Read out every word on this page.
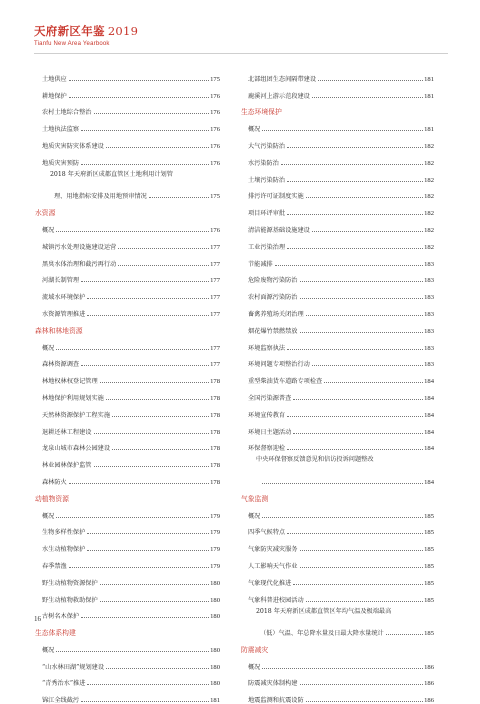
天府新区年鉴 2019
Tianfu New Area Yearbook
土地供应	175
耕地保护	176
农村土地综合整治	176
土地执法监察	176
地质灾害防灾体系建设	176
地质灾害预防	176
2018 年天府新区成都直管区土地利用计划管
理、用地指标安排及用地预审情况	175
水资源
概况	176
城镇污水处理设施建设运营	177
黑臭水体治理和截污再行动	177
河湖长制管理	177
流域水环境保护	177
水资源管理推进	177
森林和林地资源
概况	177
森林资源调查	177
林地权林权登记管理	178
林地保护利用规划实施	178
天然林资源保护工程实施	178
退耕还林工程建设	178
龙泉山城市森林公园建设	178
林业园林保护监管	178
森林防火	178
动植物资源
概况	179
生物多样性保护	179
水生动植物保护	179
春季禁渔	179
野生动植物资源保护	180
野生动植物救助保护	180
古树名木保护	180
生态体系构建
概况	180
“山水林田湖”规划建设	180
“青秀治水”推进	180
锦江全线截污	181
北部组团生态间隔带建设	181
鹿溪河上游示范段建设	181
生态环境保护
概况	181
大气污染防治	182
水污染防治	182
土壤污染防治	182
排污许可证制度实施	182
项目环评审批	182
清洁能源基础设施建设	182
工业污染治理	182
节能减排	183
危险废物污染防治	183
农村面源污染防治	183
畜禽养殖场关闭治理	183
烟花爆竹禁燃禁放	183
环境监察执法	183
环境问题专项整治行动	183
重型柴油货车道路专项检查	184
全国污染源普查	184
环境宣传教育	184
环境日主题活动	184
环保督察迎检	184
中央环保督察反馈意见和信访投诉问题整改
184
气象监测
概况	185
四季气候特点	185
气象防灾减灾服务	185
人工影响天气作业	185
气象现代化推进	185
气象科普进校园活动	185
2018 年天府新区成都直管区年均气温及极端最高
（低）气温、年总降水量及日最大降水量统计	185
防震减灾
概况	186
防震减灾体制构建	186
地震监测和抗震设防	186
16
